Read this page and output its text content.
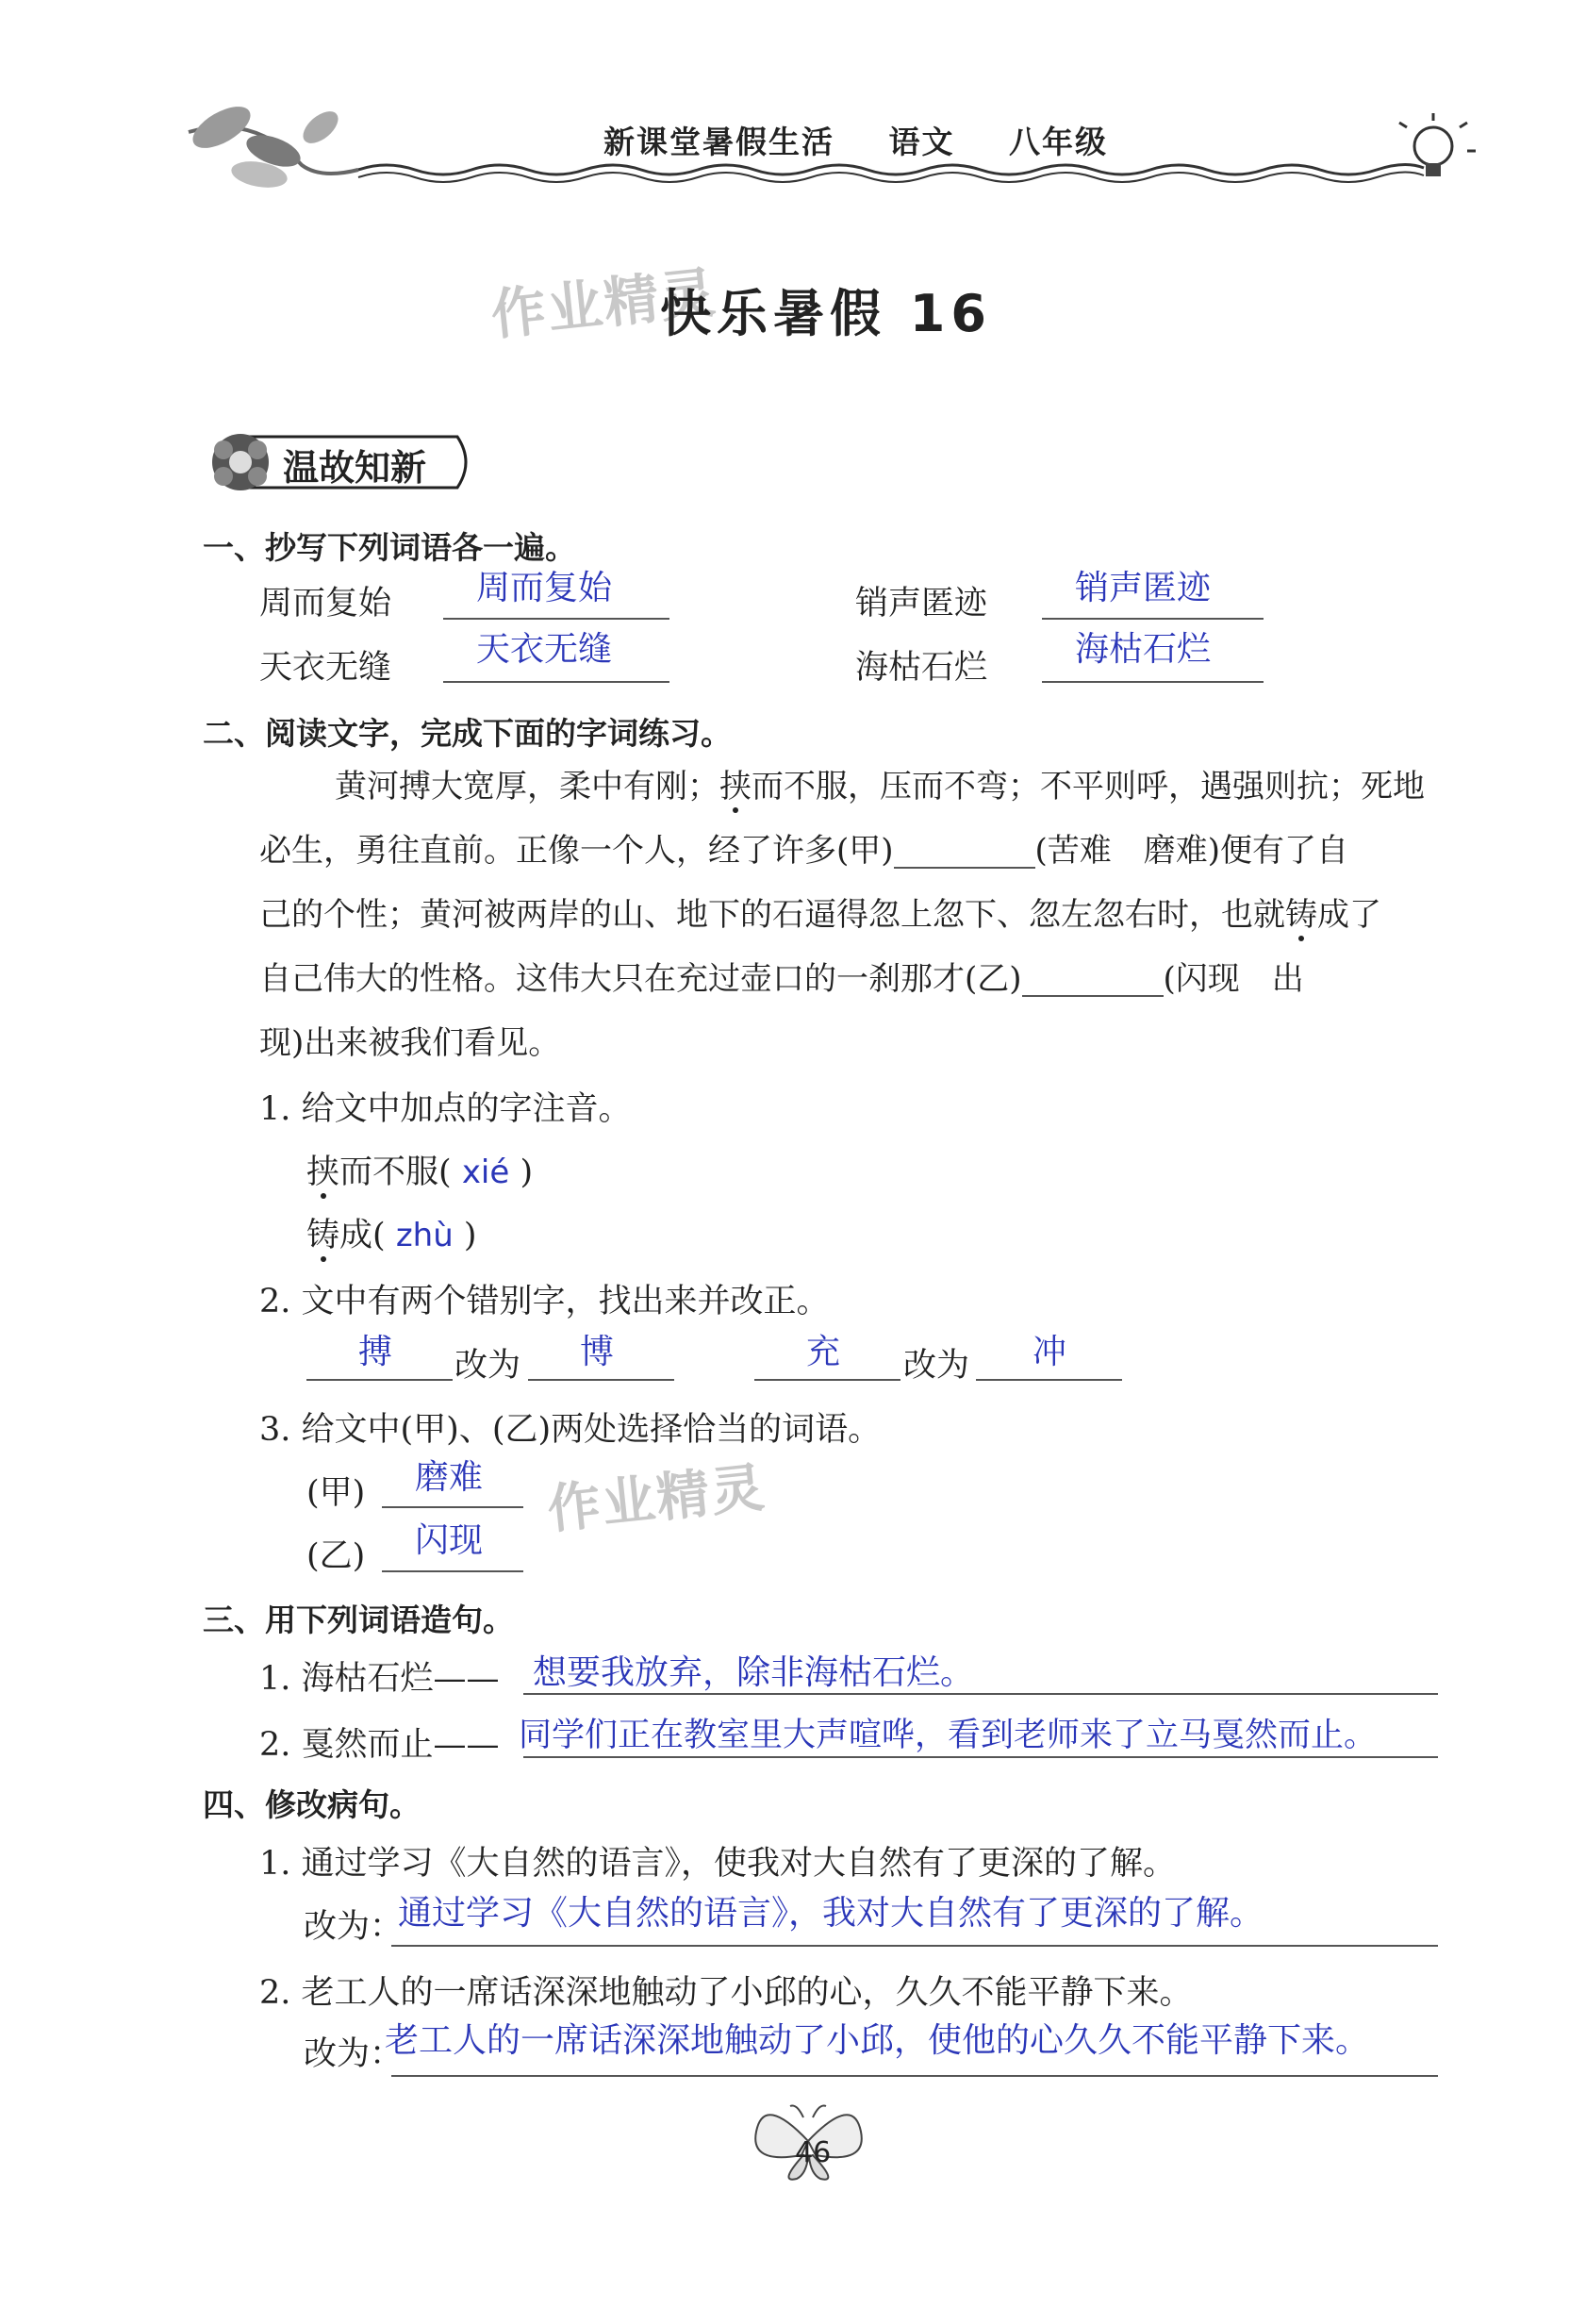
新课堂暑假生活 语文 八年级
作业精灵
快乐暑假 16
温故知新
一、抄写下列词语各一遍。
周而复始 周而复始	销声匿迹	销声匿迹
天衣无缝 天衣无缝	海枯石烂	海枯石烂
二、阅读文字，完成下面的字词练习。
黄河搏大宽厚，柔中有刚；挟而不服，压而不弯；不平则呼，遇强则抗；死地
必生，勇往直前。正像一个人，经了许多(甲)	(苦难　磨难)便有了自
己的个性；黄河被两岸的山、地下的石逼得忽上忽下、忽左忽右时，也就铸成了
自己伟大的性格。这伟大只在充过壶口的一刹那才(乙)	(闪现　出
现)出来被我们看见。
1. 给文中加点的字注音。
挟而不服( xié )
铸成( zhù )
2. 文中有两个错别字，找出来并改正。
搏 改为 博	充 改为 冲
3. 给文中(甲)、(乙)两处选择恰当的词语。
(甲) 磨难 作业精灵
(乙) 闪现
三、用下列词语造句。
1. 海枯石烂—— 想要我放弃，除非海枯石烂。
2. 戛然而止—— 同学们正在教室里大声喧哗，看到老师来了立马戛然而止。
四、修改病句。
1. 通过学习《大自然的语言》，使我对大自然有了更深的了解。
改为：
通过学习《大自然的语言》，我对大自然有了更深的了解。
2. 老工人的一席话深深地触动了小邱的心，久久不能平静下来。
改为：
老工人的一席话深深地触动了小邱，使他的心久久不能平静下来。
46
